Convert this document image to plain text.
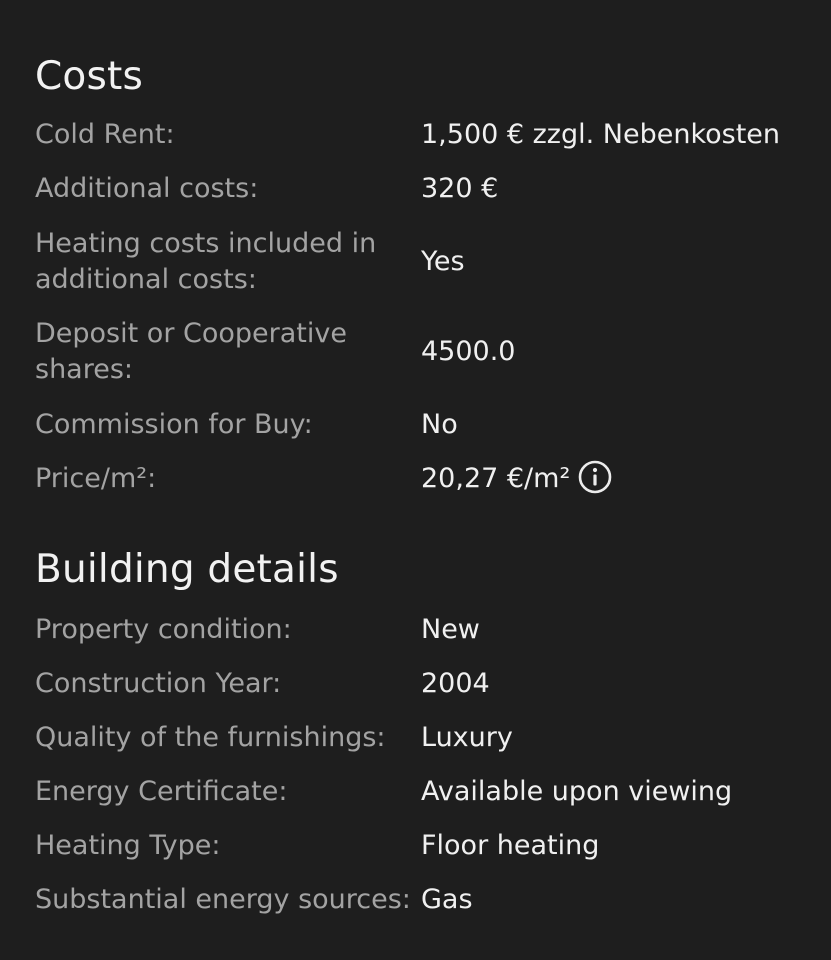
Costs
Cold Rent:	1,500 € zzgl. Nebenkosten
Additional costs:	320 €
Heating costs included in additional costs:
Yes
Deposit or Cooperative shares:
4500.0
Commission for Buy:	No
Price/m²:	20,27 €/m²
Building details
Property condition:	New
Construction Year:	2004
Quality of the furnishings:	Luxury
Energy Certificate:	Available upon viewing
Heating Type:	Floor heating
Substantial energy sources: Gas
